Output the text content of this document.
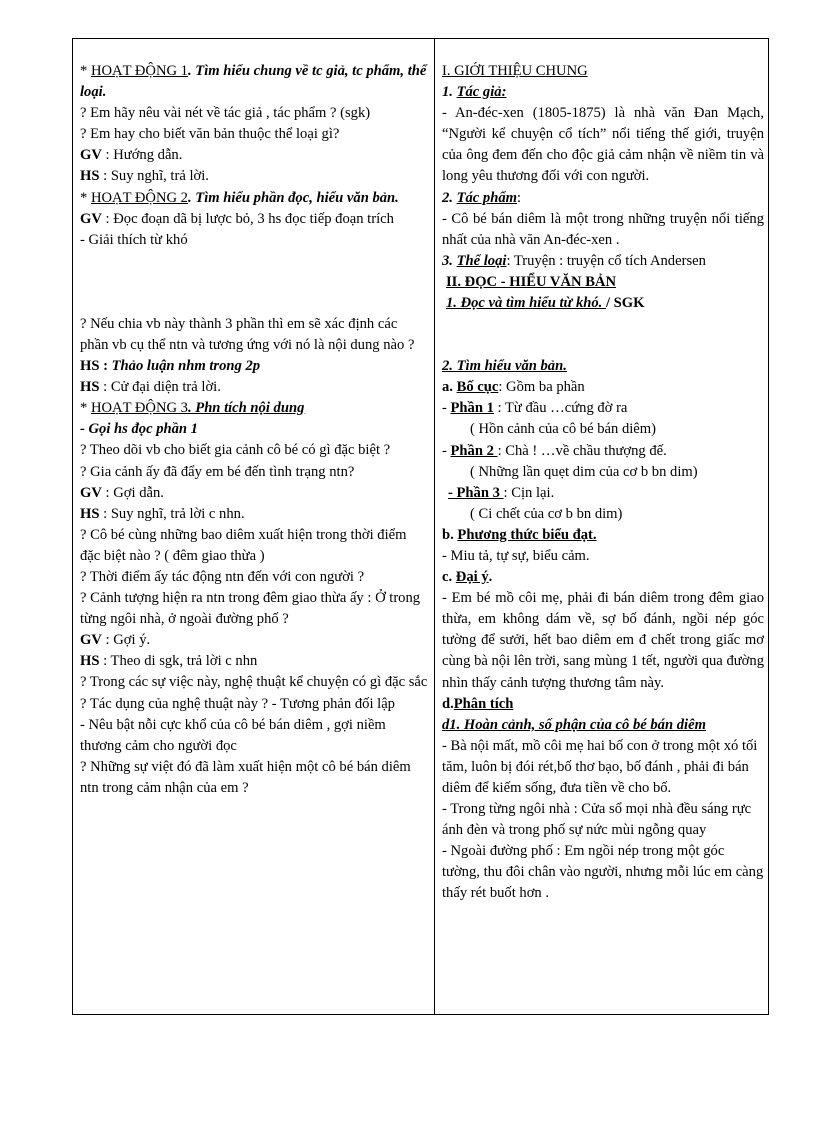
* HOẠT ĐỘNG 1. Tìm hiểu chung về tc giả, tc phẩm, thể loại.

? Em hãy nêu vài nét về tác giả , tác phẩm ? (sgk)

? Em hay cho biết văn bản thuộc thể loại gì?

GV : Hướng dẫn.

HS : Suy nghĩ, trả lời.

* HOẠT ĐỘNG 2. Tìm hiểu phần đọc, hiểu văn bản.

GV : Đọc đoạn dã bị lược bỏ, 3 hs đọc tiếp đoạn trích

- Giải thích từ khó

? Nếu chia vb này thành 3 phần thì em sẽ xác định các phần vb cụ thể ntn và tương ứng với nó là nội dung nào ?

HS : Thảo luận nhm trong 2p

HS : Cử đại diện trả lời.

* HOẠT ĐỘNG 3. Phn tích nội dung

- Gọi hs đọc phần 1

? Theo dõi vb cho biết gia cảnh cô bé có gì đặc biệt ?

? Gia cảnh ấy đã đẩy em bé đến tình trạng ntn?

GV : Gợi dẫn.

HS : Suy nghĩ, trả lời c nhn.

? Cô bé cùng những bao diêm xuất hiện trong thời điểm đặc biệt nào ? ( đêm giao thừa )

? Thời điểm ấy tác động ntn đến với con người ?

? Cảnh tượng hiện ra ntn trong đêm giao thừa ấy : Ở trong từng ngôi nhà, ở ngoài đường phố ?

GV : Gợi ý.

HS : Theo di sgk, trả lời c nhn

? Trong các sự việc này, nghệ thuật kể chuyện có gì đặc sắc ? Tác dụng của nghệ thuật này ? - Tương phản đối lập

- Nêu bật nỗi cực khổ của cô bé bán diêm , gợi niềm thương cảm cho người đọc

? Những sự việt đó đã làm xuất hiện một cô bé bán diêm ntn trong cảm nhận của em ?

I. GIỚI THIỆU CHUNG

1. Tác giả:

- An-đéc-xen (1805-1875) là nhà văn Đan Mạch, “Người kể chuyện cổ tích” nổi tiếng thế giới, truyện của ông đem đến cho độc giả cảm nhận về niềm tin và long yêu thương đối với con người.

2. Tác phẩm:

- Cô bé bán diêm là một trong những truyện nổi tiếng nhất của nhà văn An-đéc-xen .

3. Thể loại: Truyện : truyện cổ tích Andersen

II. ĐỌC - HIỂU VĂN BẢN

1. Đọc và tìm hiểu từ khó. / SGK

2. Tìm hiểu văn bản.

a. Bố cục: Gồm ba phần

- Phần 1 : Từ đầu …cứng đờ ra

( Hồn cảnh của cô bé bán diêm)

- Phần 2 : Chà ! …về chầu thượng đế.

( Những lần quẹt dim của cơ b bn dim)

- Phần 3 : Cịn lại.

( Ci chết của cơ b bn dim)

b. Phương thức biểu đạt.

- Miu tả, tự sự, biểu cảm.

c. Đại ý.

- Em bé mồ côi mẹ, phải đi bán diêm trong đêm giao thừa, em không dám về, sợ bố đánh, ngồi nép góc tường để sưởi, hết bao diêm em đ chết trong giấc mơ cùng bà nội lên trời, sang mùng 1 tết, người qua đường nhìn thấy cảnh tượng thương tâm này.

d.Phân tích

d1. Hoàn cảnh, số phận của cô bé bán diêm

- Bà nội mất, mồ côi mẹ hai bố con ở trong một xó tối tăm, luôn bị đói rét,bố thơ bạo, bố đánh , phải đi bán diêm để kiếm sống, đưa tiền về cho bố.

- Trong từng ngôi nhà : Cửa sổ mọi nhà đều sáng rực ánh đèn và trong phố sự nức mùi ngỗng quay

- Ngoài đường phố : Em ngồi nép trong một góc tường, thu đôi chân vào người, nhưng mỗi lúc em càng thấy rét buốt hơn .
